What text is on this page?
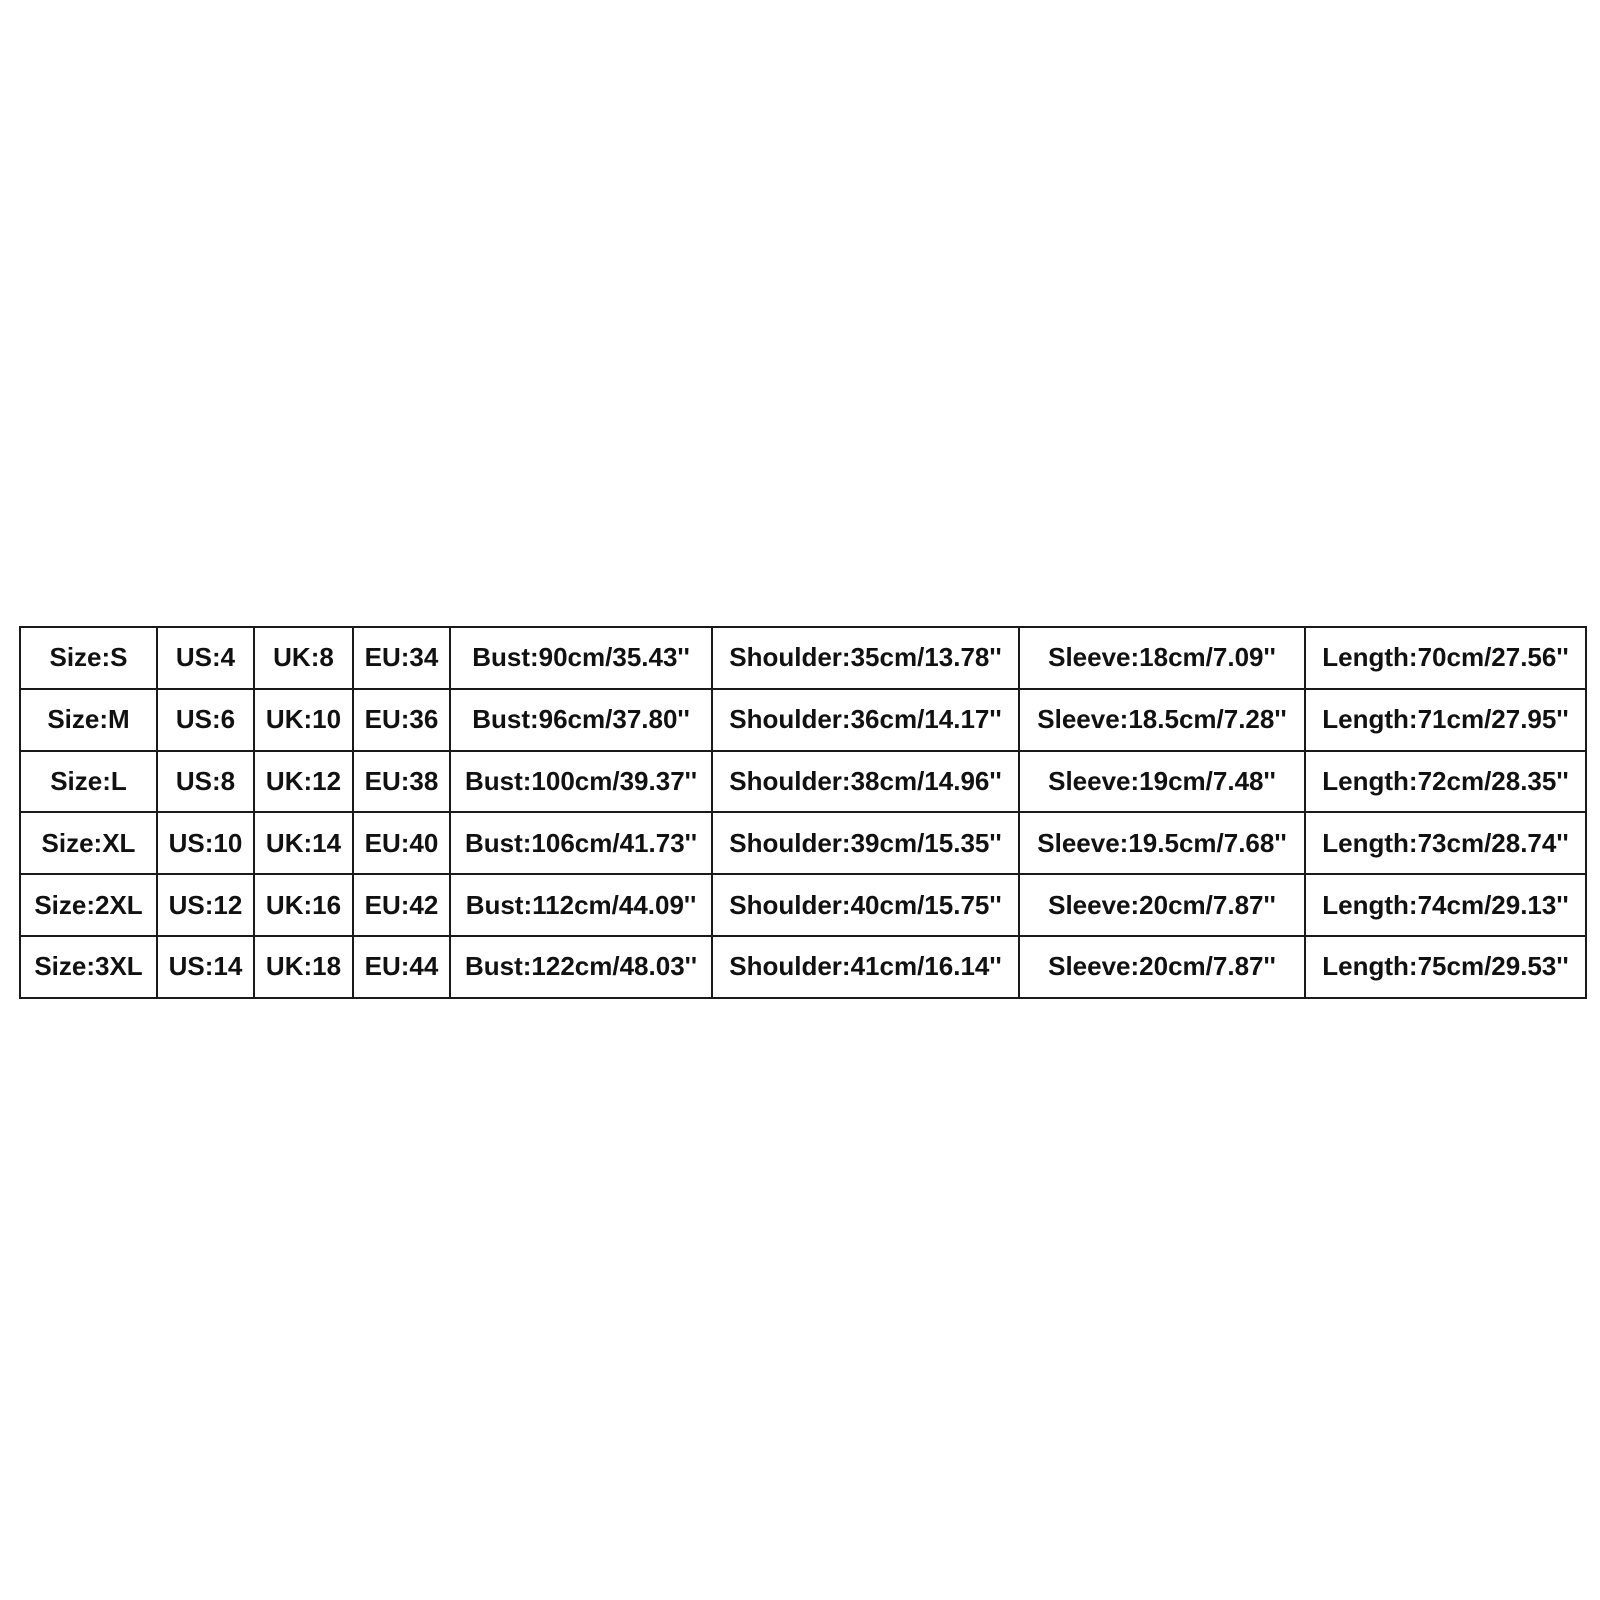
Size:S	US:4	UK:8	EU:34	Bust:90cm/35.43''	Shoulder:35cm/13.78''	Sleeve:18cm/7.09''	Length:70cm/27.56''
Size:M	US:6	UK:10	EU:36	Bust:96cm/37.80''	Shoulder:36cm/14.17''	Sleeve:18.5cm/7.28''	Length:71cm/27.95''
Size:L	US:8	UK:12	EU:38	Bust:100cm/39.37''	Shoulder:38cm/14.96''	Sleeve:19cm/7.48''	Length:72cm/28.35''
Size:XL	US:10	UK:14	EU:40	Bust:106cm/41.73''	Shoulder:39cm/15.35''	Sleeve:19.5cm/7.68''	Length:73cm/28.74''
Size:2XL	US:12	UK:16	EU:42	Bust:112cm/44.09''	Shoulder:40cm/15.75''	Sleeve:20cm/7.87''	Length:74cm/29.13''
Size:3XL	US:14	UK:18	EU:44	Bust:122cm/48.03''	Shoulder:41cm/16.14''	Sleeve:20cm/7.87''	Length:75cm/29.53''
